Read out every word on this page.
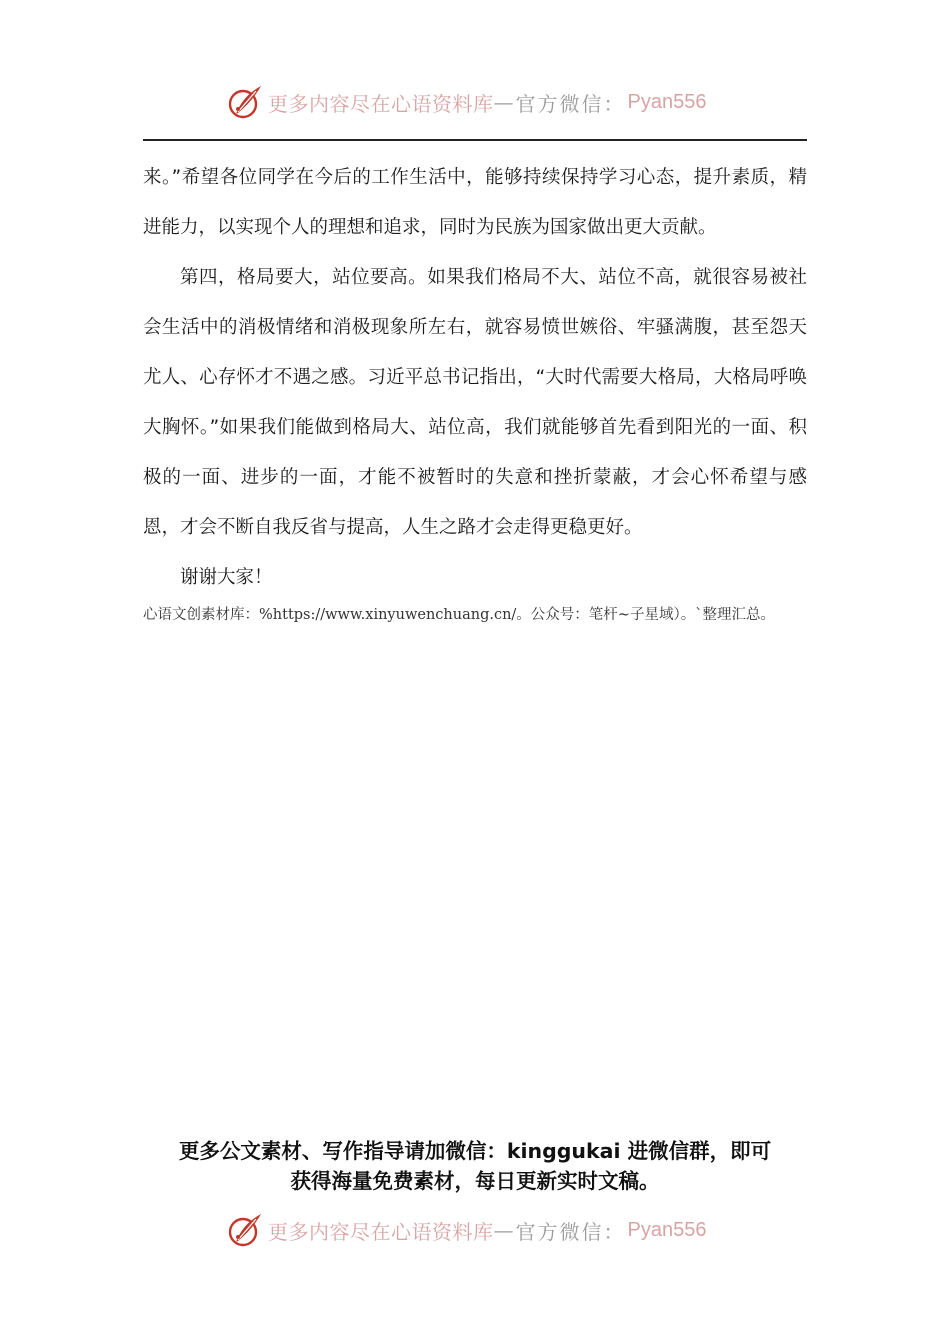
更多内容尽在心语资料库 — 官方微信： Pyan556

来。”希望各位同学在今后的工作生活中，能够持续保持学习心态，提升素质，精进能力，以实现个人的理想和追求，同时为民族为国家做出更大贡献。

第四，格局要大，站位要高。如果我们格局不大、站位不高，就很容易被社会生活中的消极情绪和消极现象所左右，就容易愤世嫉俗、牢骚满腹，甚至怨天尤人、心存怀才不遇之感。习近平总书记指出，“大时代需要大格局，大格局呼唤大胸怀。”如果我们能做到格局大、站位高，我们就能够首先看到阳光的一面、积极的一面、进步的一面，才能不被暂时的失意和挫折蒙蔽，才会心怀希望与感恩，才会不断自我反省与提高，人生之路才会走得更稳更好。

谢谢大家！

心语文创素材库：%https://www.xinyuwenchuang.cn/。公众号：笔杆~子星域）。`整理汇总。
更多公文素材、写作指导请加微信：kinggukai 进微信群，即可
获得海量免费素材，每日更新实时文稿。
更多内容尽在心语资料库 — 官方微信： Pyan556
